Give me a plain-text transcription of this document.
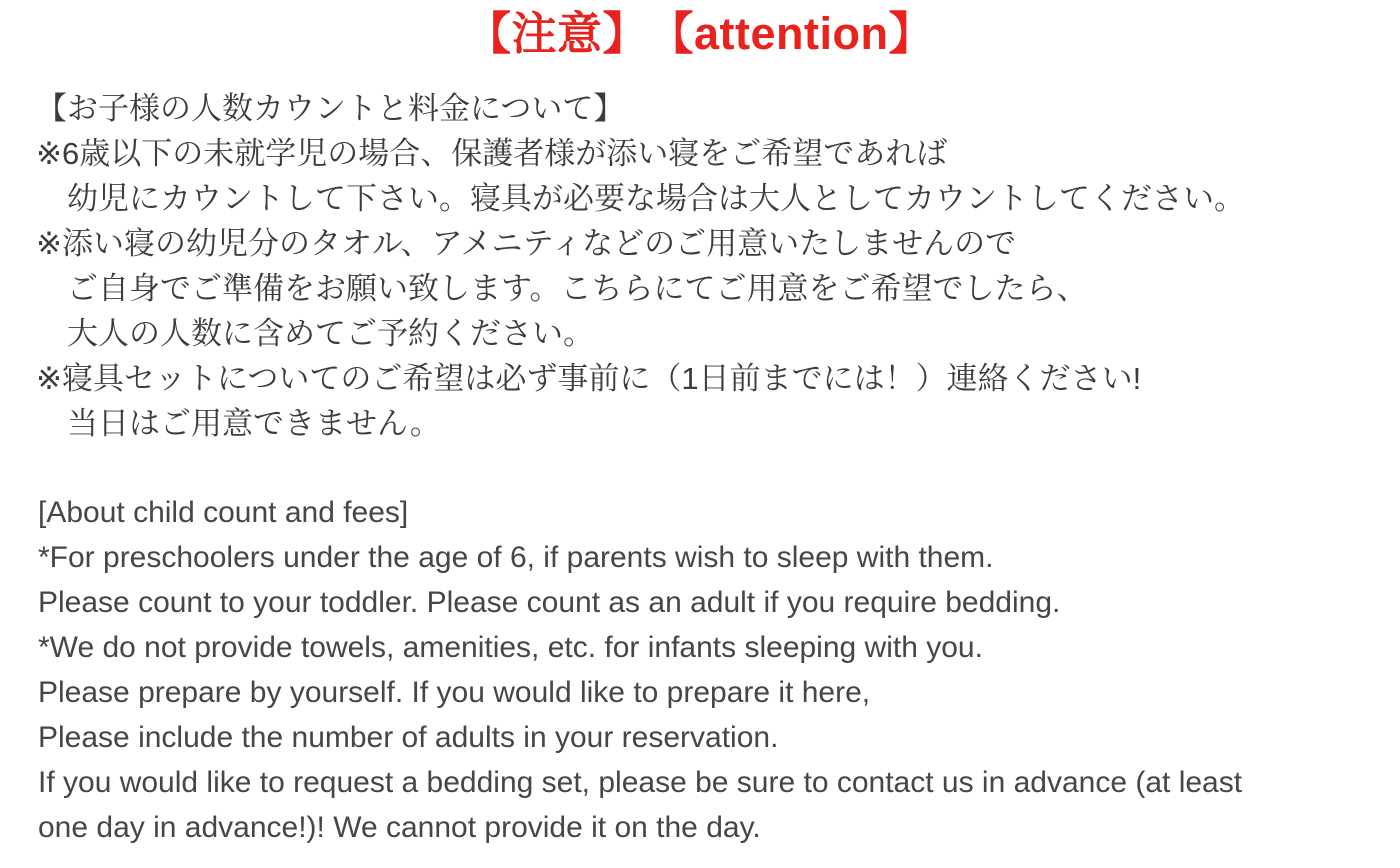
【注意】　【attention】
【お子様の人数カウントと料金について】
※6歳以下の未就学児の場合、保護者様が添い寝をご希望であれば
幼児にカウントして下さい。寝具が必要な場合は大人としてカウントしてください。
※添い寝の幼児分のタオル、アメニティなどのご用意いたしませんので
ご自身でご準備をお願い致します。こちらにてご用意をご希望でしたら、
大人の人数に含めてご予約ください。
※寝具セットについてのご希望は必ず事前に（1日前までには！）連絡ください!
当日はご用意できません。
[About child count and fees]
*For preschoolers under the age of 6, if parents wish to sleep with them.
Please count to your toddler. Please count as an adult if you require bedding.
*We do not provide towels, amenities, etc. for infants sleeping with you.
Please prepare by yourself. If you would like to prepare it here,
Please include the number of adults in your reservation.
If you would like to request a bedding set, please be sure to contact us in advance (at least
one day in advance!)! We cannot provide it on the day.
